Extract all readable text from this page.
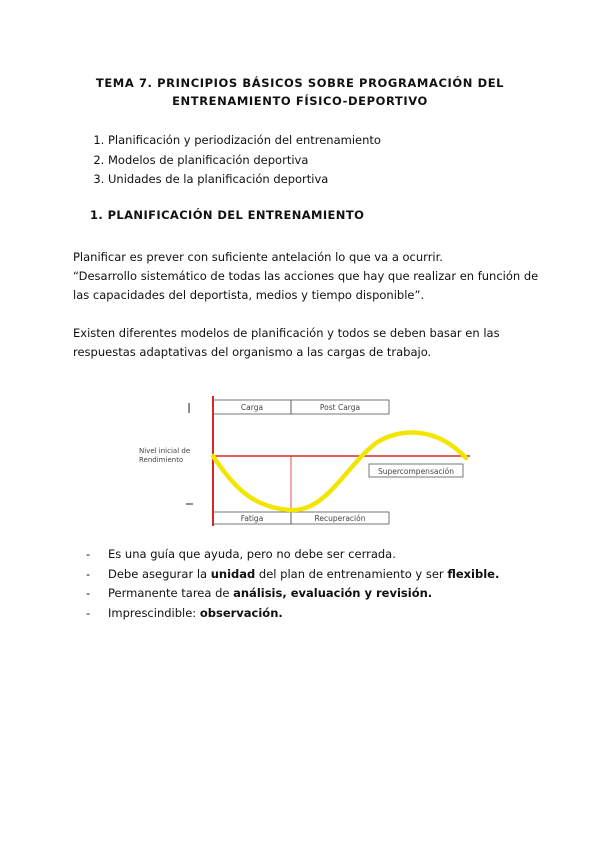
TEMA 7. PRINCIPIOS BÁSICOS SOBRE PROGRAMACIÓN DEL
ENTRENAMIENTO FÍSICO-DEPORTIVO
1. Planificación y periodización del entrenamiento
2. Modelos de planificación deportiva
3. Unidades de la planificación deportiva
1. PLANIFICACIÓN DEL ENTRENAMIENTO
Planificar es prever con suficiente antelación lo que va a ocurrir.
“Desarrollo sistemático de todas las acciones que hay que realizar en función de
las capacidades del deportista, medios y tiempo disponible”.
Existen diferentes modelos de planificación y todos se deben basar en las
respuestas adaptativas del organismo a las cargas de trabajo.
Carga	Post Carga
Fatiga	Recuperación
Supercompensación
Nivel inicial de
Rendimiento
- Es una guía que ayuda, pero no debe ser cerrada.
- Debe asegurar la unidad del plan de entrenamiento y ser flexible.
- Permanente tarea de análisis, evaluación y revisión.
- Imprescindible: observación.
